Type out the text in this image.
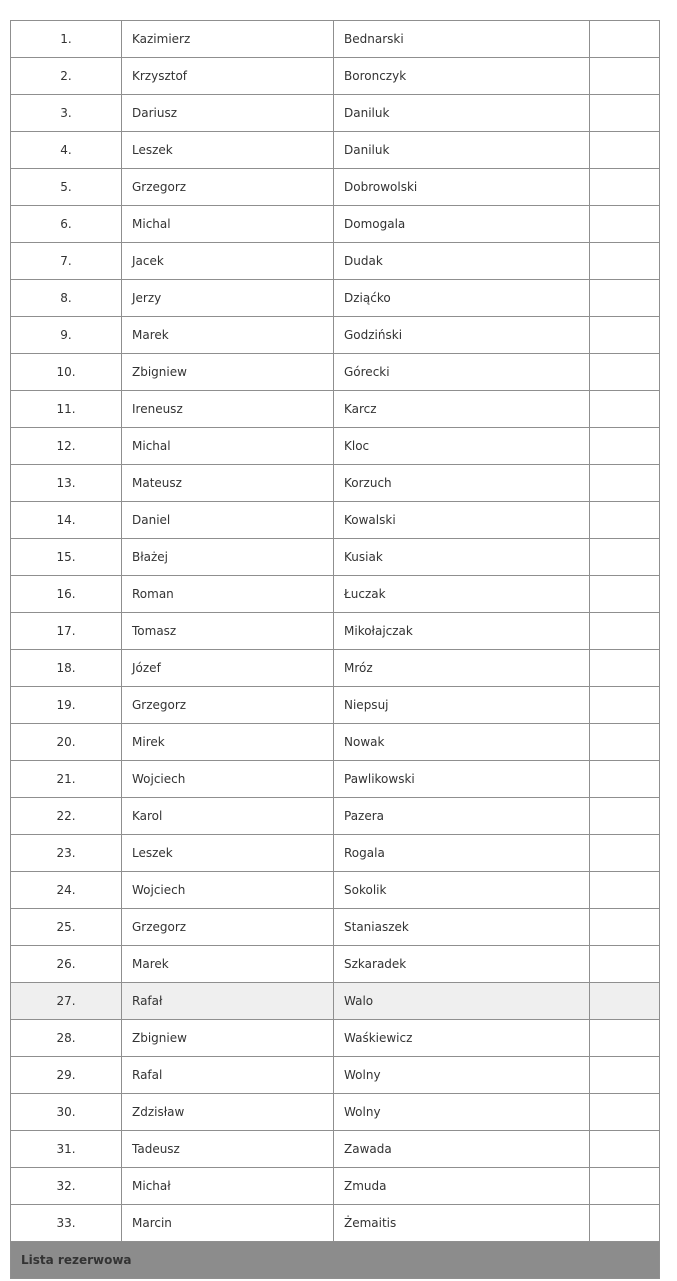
1.	Kazimierz	Bednarski	
2.	Krzysztof	Boronczyk	
3.	Dariusz	Daniluk	
4.	Leszek	Daniluk	
5.	Grzegorz	Dobrowolski	
6.	Michal	Domogala	
7.	Jacek	Dudak	
8.	Jerzy	Dziąćko	
9.	Marek	Godziński	
10.	Zbigniew	Górecki	
11.	Ireneusz	Karcz	
12.	Michal	Kloc	
13.	Mateusz	Korzuch	
14.	Daniel	Kowalski	
15.	Błażej	Kusiak	
16.	Roman	Łuczak	
17.	Tomasz	Mikołajczak	
18.	Józef	Mróz	
19.	Grzegorz	Niepsuj	
20.	Mirek	Nowak	
21.	Wojciech	Pawlikowski	
22.	Karol	Pazera	
23.	Leszek	Rogala	
24.	Wojciech	Sokolik	
25.	Grzegorz	Staniaszek	
26.	Marek	Szkaradek	
27.	Rafał	Walo	
28.	Zbigniew	Waśkiewicz	
29.	Rafal	Wolny	
30.	Zdzisław	Wolny	
31.	Tadeusz	Zawada	
32.	Michał	Zmuda	
33.	Marcin	Żemaitis	
Lista rezerwowa			
